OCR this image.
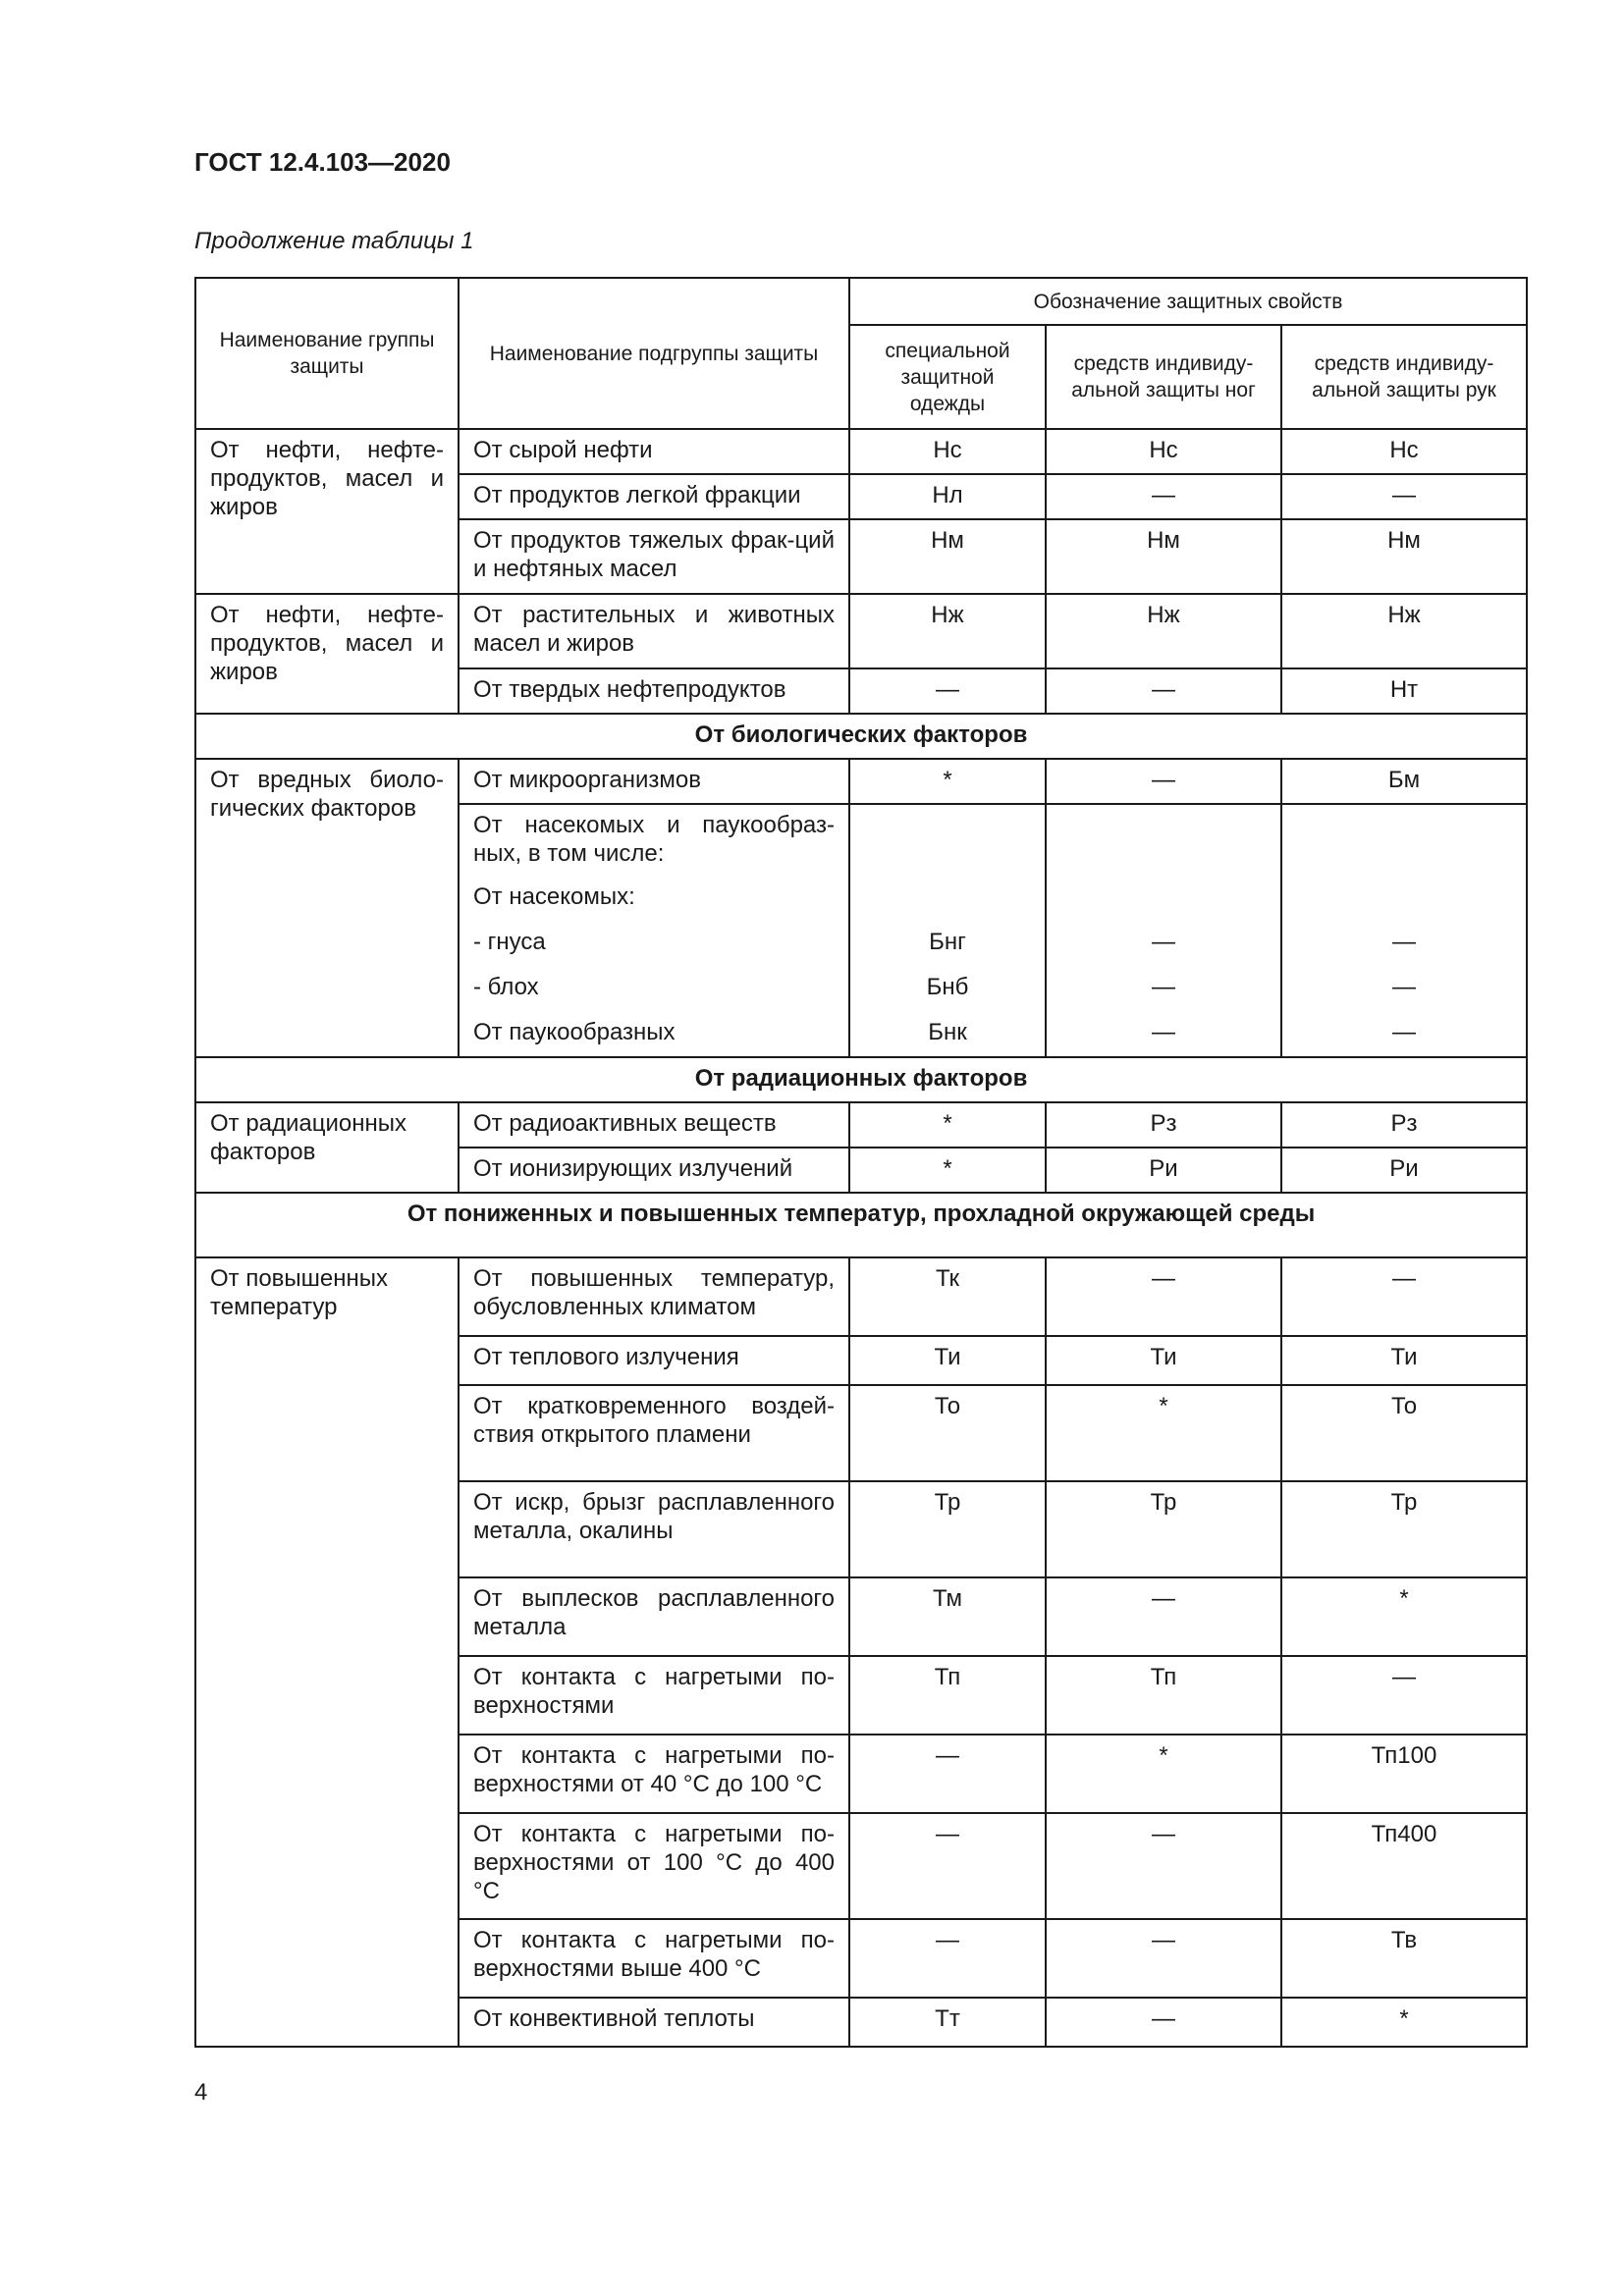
ГОСТ 12.4.103—2020

Продолжение таблицы 1

Наименование группы защиты	Наименование подгруппы защиты	Обозначение защитных свойств		
		специальной защитной одежды	средств индивиду-альной защиты ног	средств индивиду-альной защиты рук
От нефти, нефте-продуктов, масел и жиров	От сырой нефти	Нс	Нс	Нс
	От продуктов легкой фракции	Нл	—	—
	От продуктов тяжелых фрак-ций и нефтяных масел	Нм	Нм	Нм
От нефти, нефте-продуктов, масел и жиров	От растительных и животных масел и жиров	Нж	Нж	Нж
	От твердых нефтепродуктов	—	—	Нт
От биологических факторов				
От вредных биоло-гических факторов	От микроорганизмов	*	—	Бм
	От насекомых и паукообраз-ных, в том числе:			
	От насекомых:			
	- гнуса	Бнг	—	—
	- блох	Бнб	—	—
	От паукообразных	Бнк	—	—
От радиационных факторов				
От радиационных факторов	От радиоактивных веществ	*	Рз	Рз
	От ионизирующих излучений	*	Ри	Ри
От пониженных и повышенных температур, прохладной окружающей среды				
От повышенных температур	От повышенных температур, обусловленных климатом	Тк	—	—
	От теплового излучения	Ти	Ти	Ти
	От кратковременного воздей-ствия открытого пламени	То	*	То
	От искр, брызг расплавленного металла, окалины	Тр	Тр	Тр
	От выплесков расплавленного металла	Тм	—	*
	От контакта с нагретыми по-верхностями	Тп	Тп	—
	От контакта с нагретыми по-верхностями от 40 °С до 100 °С	—	*	Тп100
	От контакта с нагретыми по-верхностями от 100 °С до 400 °С	—	—	Тп400
	От контакта с нагретыми по-верхностями выше 400 °С	—	—	Тв
	От конвективной теплоты	Тт	—	*

4
